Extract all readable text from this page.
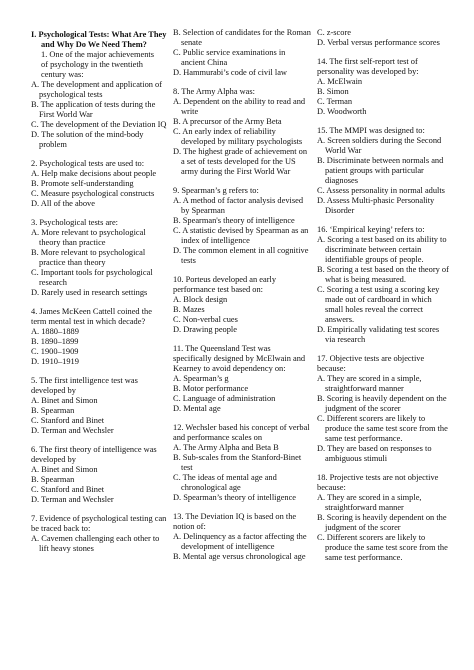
I. Psychological Tests: What Are They and Why Do We Need Them?
1. One of the major achievements of psychology in the twentieth century was:
A. The development and application of psychological tests
B. The application of tests during the First World War
C. The development of the Deviation IQ
D. The solution of the mind-body problem
2. Psychological tests are used to:
A. Help make decisions about people
B. Promote self-understanding
C. Measure psychological constructs
D. All of the above
3. Psychological tests are:
A. More relevant to psychological theory than practice
B. More relevant to psychological practice than theory
C. Important tools for psychological research
D. Rarely used in research settings
4. James McKeen Cattell coined the term mental test in which decade?
A. 1880–1889
B. 1890–1899
C. 1900–1909
D. 1910–1919
5. The first intelligence test was developed by
A. Binet and Simon
B. Spearman
C. Stanford and Binet
D. Terman and Wechsler
6. The first theory of intelligence was developed by
A. Binet and Simon
B. Spearman
C. Stanford and Binet
D. Terman and Wechsler
7. Evidence of psychological testing can be traced back to:
A. Cavemen challenging each other to lift heavy stones
B. Selection of candidates for the Roman senate
C. Public service examinations in ancient China
D. Hammurabi’s code of civil law
8. The Army Alpha was:
A. Dependent on the ability to read and write
B. A precursor of the Army Beta
C. An early index of reliability developed by military psychologists
D. The highest grade of achievement on a set of tests developed for the US army during the First World War
9. Spearman’s g refers to:
A. A method of factor analysis devised by Spearman
B. Spearman's theory of intelligence
C. A statistic devised by Spearman as an index of intelligence
D. The common element in all cognitive tests
10. Porteus developed an early performance test based on:
A. Block design
B. Mazes
C. Non-verbal cues
D. Drawing people
11. The Queensland Test was specifically designed by McElwain and Kearney to avoid dependency on:
A. Spearman’s g
B. Motor performance
C. Language of administration
D. Mental age
12. Wechsler based his concept of verbal and performance scales on
A. The Army Alpha and Beta B
B. Sub-scales from the Stanford-Binet test
C. The ideas of mental age and chronological age
D. Spearman’s theory of intelligence
13. The Deviation IQ is based on the notion of:
A. Delinquency as a factor affecting the development of intelligence
B. Mental age versus chronological age
C. z-score
D. Verbal versus performance scores
14. The first self-report test of personality was developed by:
A. McElwain
B. Simon
C. Terman
D. Woodworth
15. The MMPI was designed to:
A. Screen soldiers during the Second World War
B. Discriminate between normals and patient groups with particular diagnoses
C. Assess personality in normal adults
D. Assess Multi-phasic Personality Disorder
16. ‘Empirical keying’ refers to:
A. Scoring a test based on its ability to discriminate between certain identifiable groups of people.
B. Scoring a test based on the theory of what is being measured.
C. Scoring a test using a scoring key made out of cardboard in which small holes reveal the correct answers.
D. Empirically validating test scores via research
17. Objective tests are objective because:
A. They are scored in a simple, straightforward manner
B. Scoring is heavily dependent on the judgment of the scorer
C. Different scorers are likely to produce the same test score from the same test performance.
D. They are based on responses to ambiguous stimuli
18. Projective tests are not objective because:
A. They are scored in a simple, straightforward manner
B. Scoring is heavily dependent on the judgment of the scorer
C. Different scorers are likely to produce the same test score from the same test performance.
